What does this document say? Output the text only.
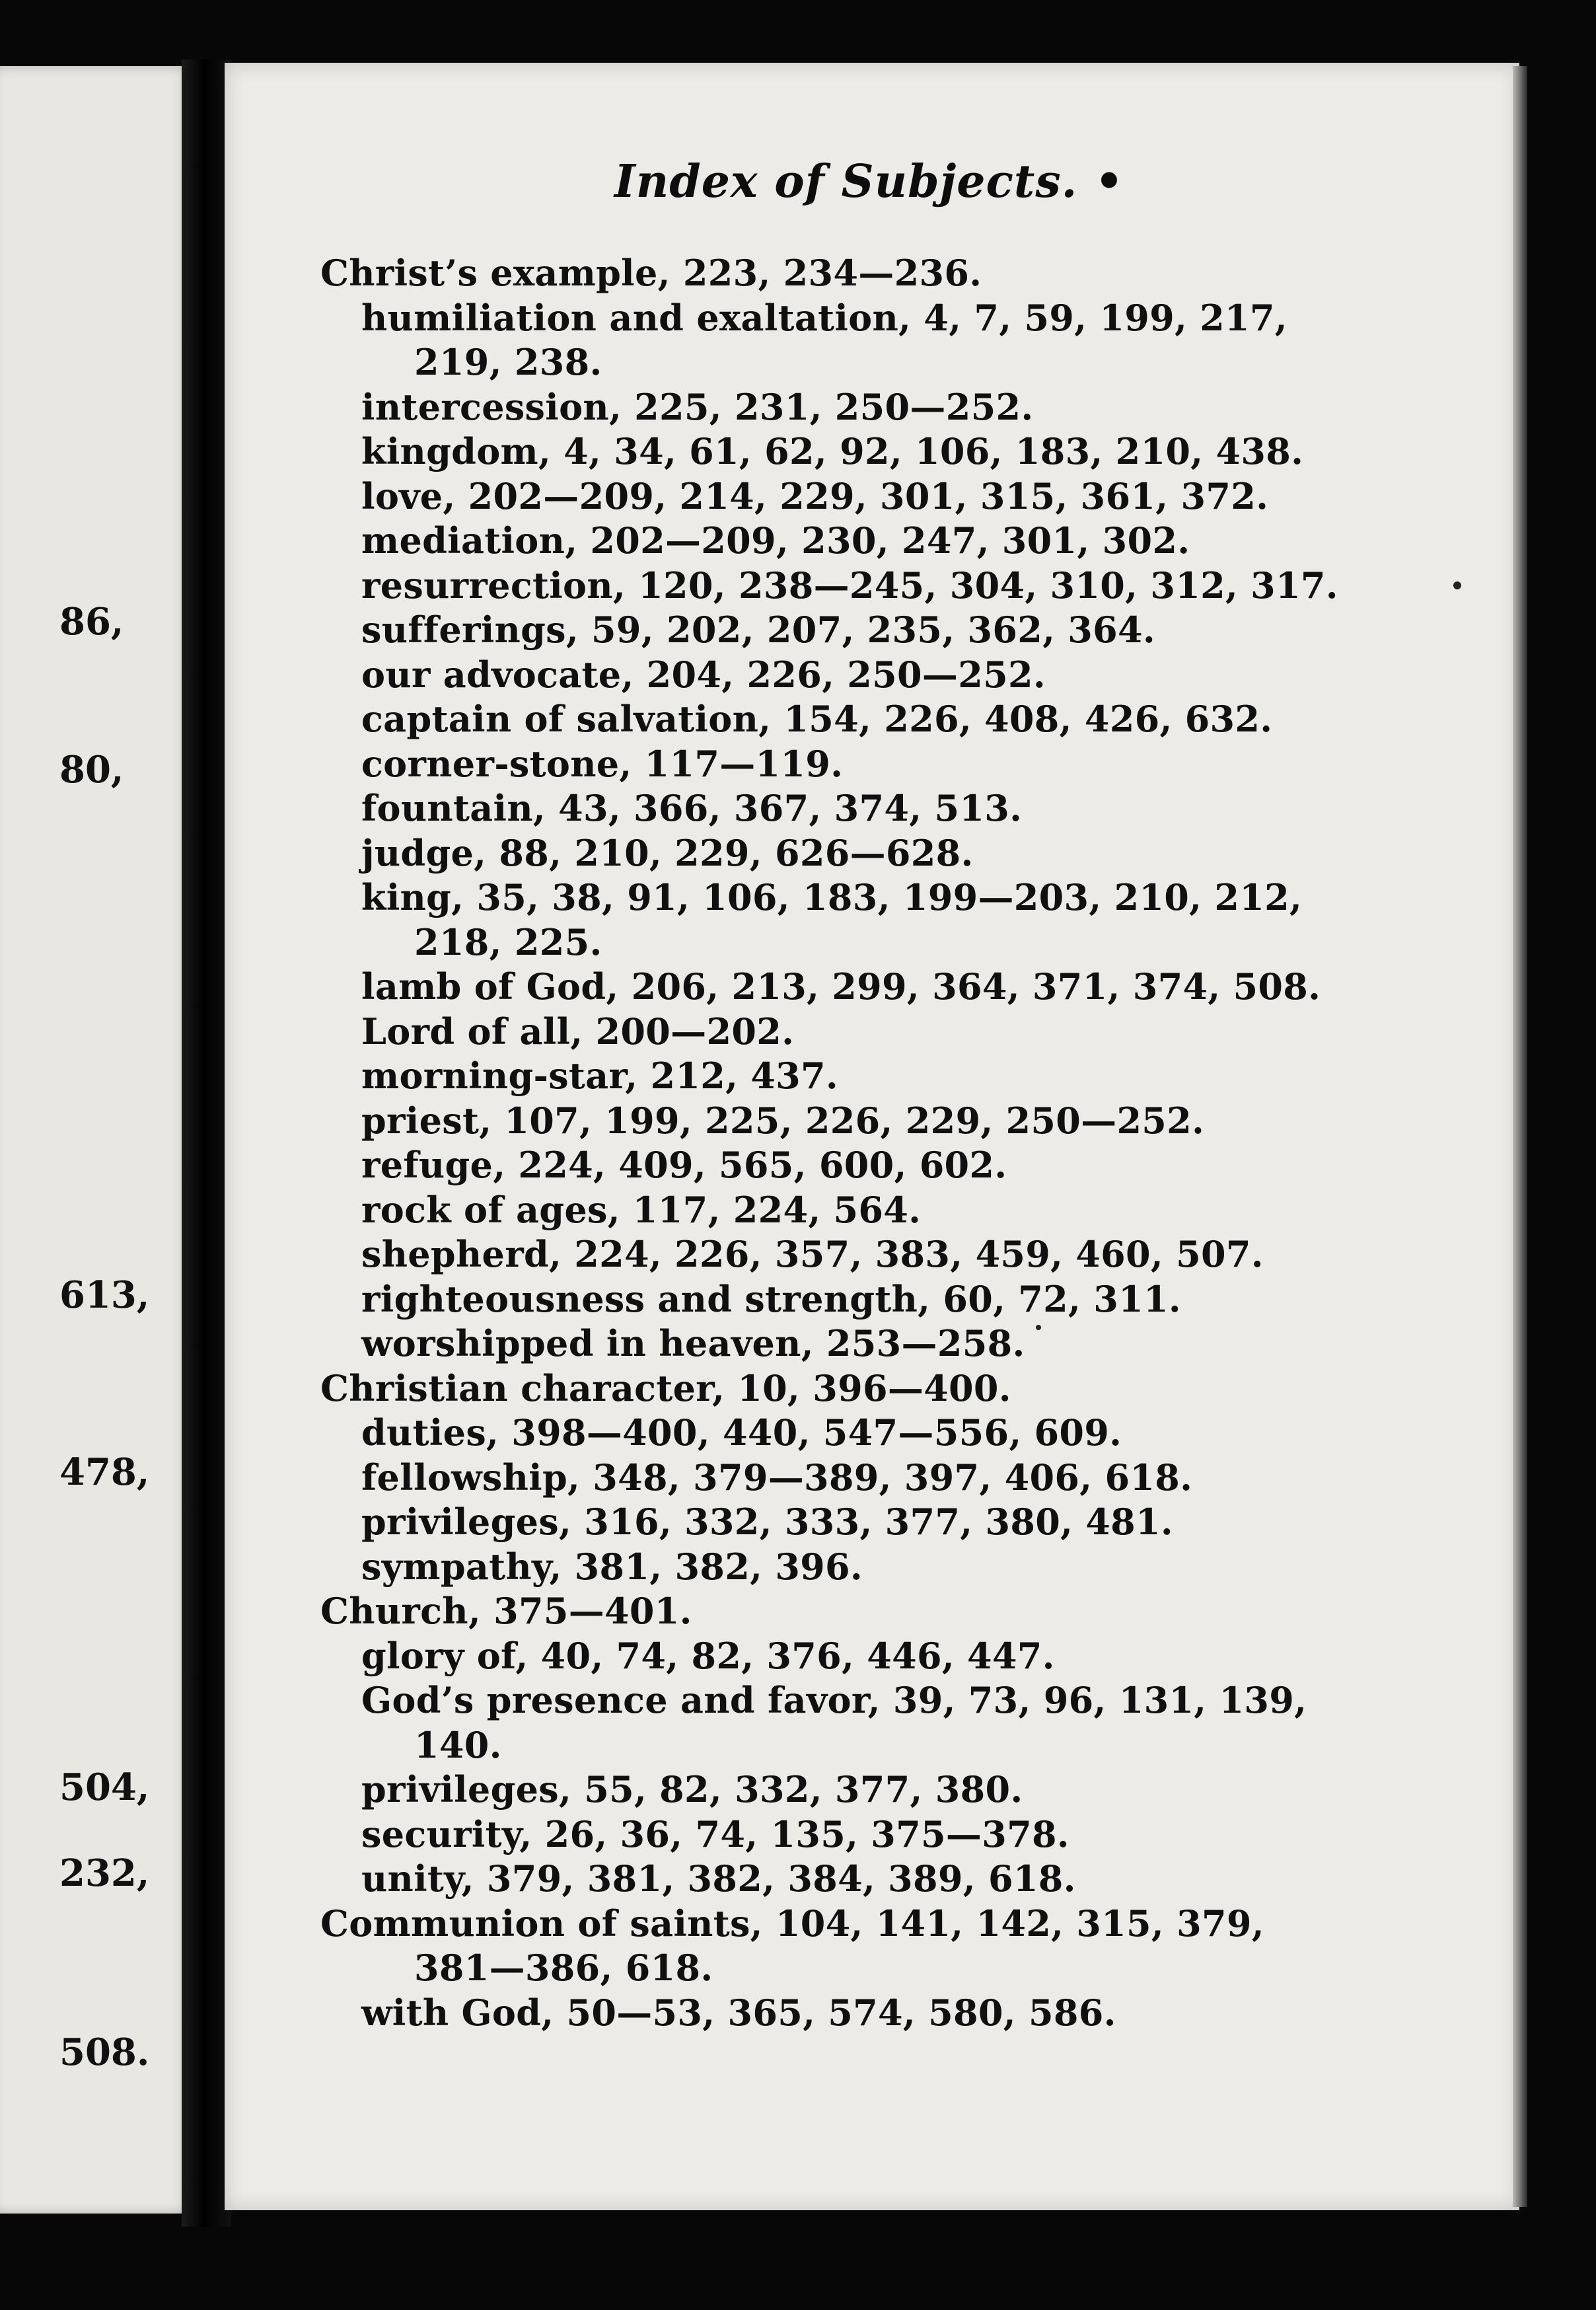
86,
80,
613,
478,
504,
232,
508.
Index of Subjects. •
Christ’s example, 223, 234—236.
humiliation and exaltation, 4, 7, 59, 199, 217,
219, 238.
intercession, 225, 231, 250—252.
kingdom, 4, 34, 61, 62, 92, 106, 183, 210, 438.
love, 202—209, 214, 229, 301, 315, 361, 372.
mediation, 202—209, 230, 247, 301, 302.
resurrection, 120, 238—245, 304, 310, 312, 317.
sufferings, 59, 202, 207, 235, 362, 364.
our advocate, 204, 226, 250—252.
captain of salvation, 154, 226, 408, 426, 632.
corner-stone, 117—119.
fountain, 43, 366, 367, 374, 513.
judge, 88, 210, 229, 626—628.
king, 35, 38, 91, 106, 183, 199—203, 210, 212,
218, 225.
lamb of God, 206, 213, 299, 364, 371, 374, 508.
Lord of all, 200—202.
morning-star, 212, 437.
priest, 107, 199, 225, 226, 229, 250—252.
refuge, 224, 409, 565, 600, 602.
rock of ages, 117, 224, 564.
shepherd, 224, 226, 357, 383, 459, 460, 507.
righteousness and strength, 60, 72, 311.
worshipped in heaven, 253—258.
Christian character, 10, 396—400.
duties, 398—400, 440, 547—556, 609.
fellowship, 348, 379—389, 397, 406, 618.
privileges, 316, 332, 333, 377, 380, 481.
sympathy, 381, 382, 396.
Church, 375—401.
glory of, 40, 74, 82, 376, 446, 447.
God’s presence and favor, 39, 73, 96, 131, 139,
140.
privileges, 55, 82, 332, 377, 380.
security, 26, 36, 74, 135, 375—378.
unity, 379, 381, 382, 384, 389, 618.
Communion of saints, 104, 141, 142, 315, 379,
381—386, 618.
with God, 50—53, 365, 574, 580, 586.
